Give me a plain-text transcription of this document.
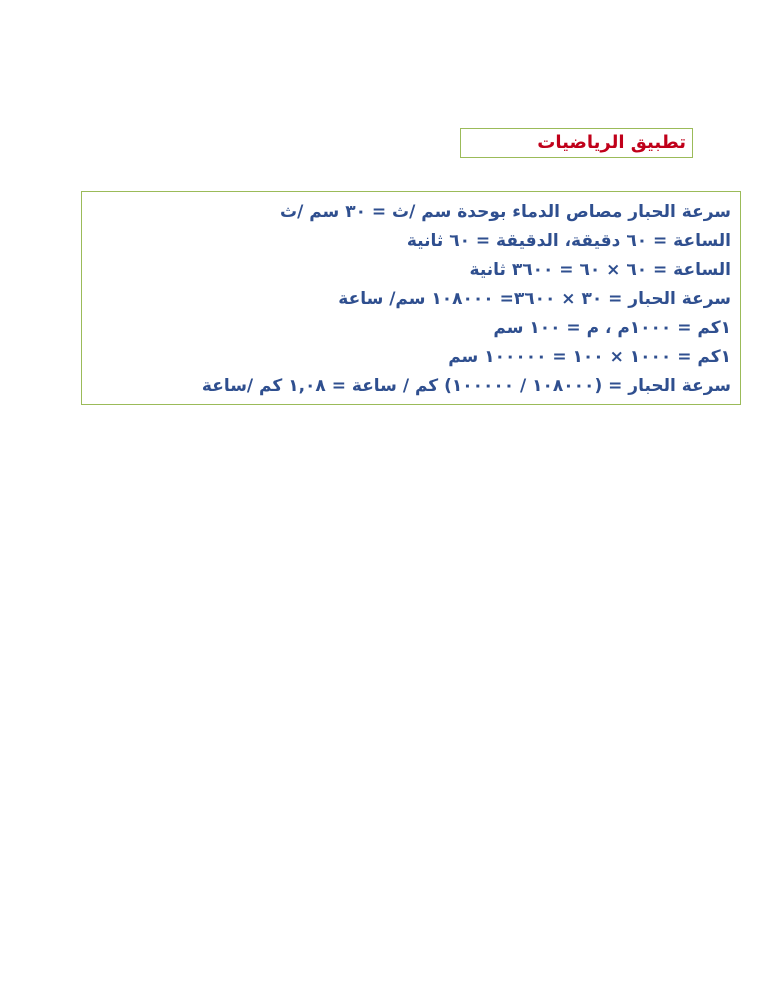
تطبيق الرياضيات
سرعة الحبار مصاص الدماء بوحدة سم /ث = ٣٠ سم /ث
الساعة = ٦٠ دقيقة، الدقيقة = ٦٠ ثانية
الساعة = ٦٠ × ٦٠ = ٣٦٠٠ ثانية
سرعة الحبار = ٣٠ × ٣٦٠٠= ١٠٨٠٠٠ سم/ ساعة
١كم = ١٠٠٠م ، م = ١٠٠ سم
١كم = ١٠٠٠ × ١٠٠ = ١٠٠٠٠٠ سم
سرعة الحبار = (١٠٨٠٠٠ / ١٠٠٠٠٠) كم / ساعة = ١,٠٨ كم /ساعة
